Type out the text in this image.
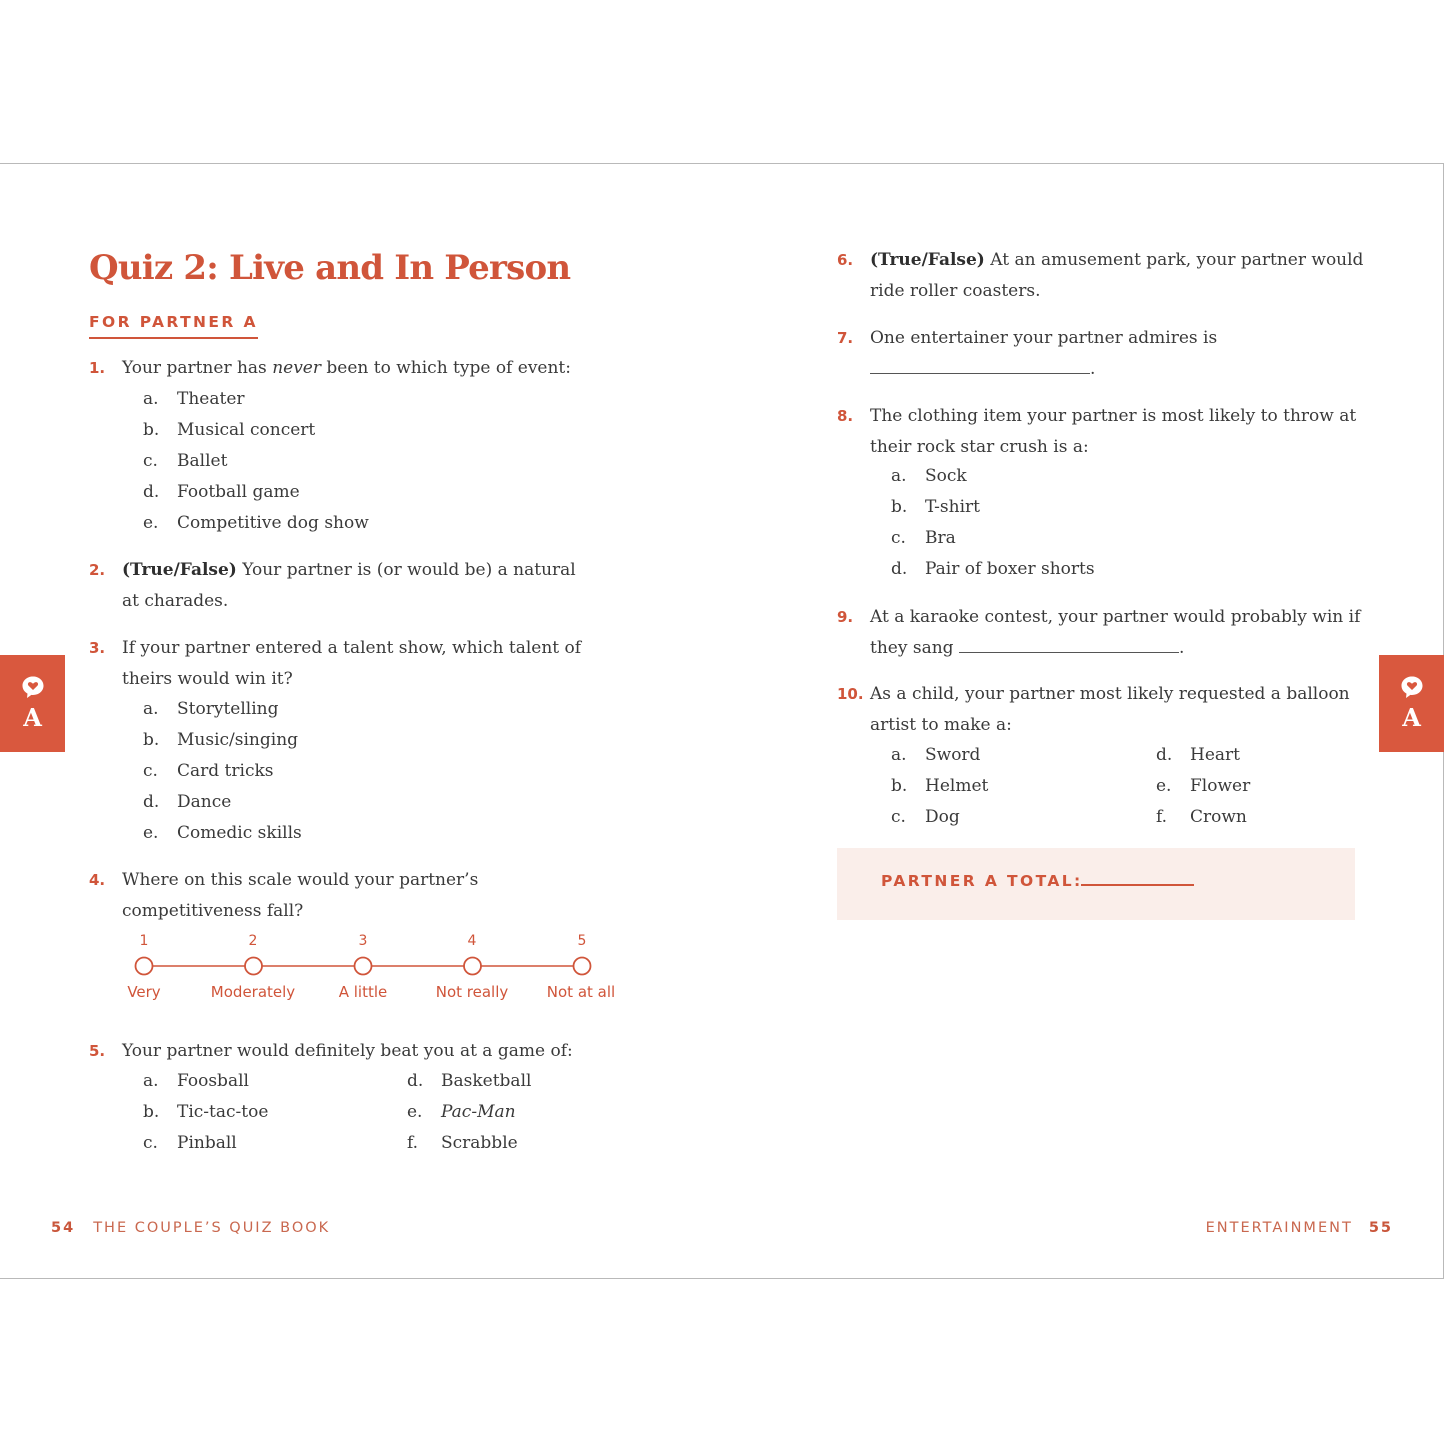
Quiz 2: Live and In Person
FOR PARTNER A
1. Your partner has never been to which type of event:
a. Theater
b. Musical concert
c. Ballet
d. Football game
e. Competitive dog show
2. (True/False) Your partner is (or would be) a natural
at charades.
3. If your partner entered a talent show, which talent of
theirs would win it?
a. Storytelling
b. Music/singing
c. Card tricks
d. Dance
e. Comedic skills
4. Where on this scale would your partner’s
competitiveness fall?
1	2	3	4	5
Very	Moderately	A little	Not really	Not at all
5. Your partner would definitely beat you at a game of:
a. Foosball
b. Tic-tac-toe
c. Pinball
d. Basketball
e. Pac-Man
f. Scrabble
A
54 THE COUPLE’S QUIZ BOOK
6. (True/False) At an amusement park, your partner would
ride roller coasters.
7. One entertainer your partner admires is
.
8. The clothing item your partner is most likely to throw at
their rock star crush is a:
a. Sock
b. T-shirt
c. Bra
d. Pair of boxer shorts
9. At a karaoke contest, your partner would probably win if
they sang	.
10. As a child, your partner most likely requested a balloon
artist to make a:
a. Sword
b. Helmet
c. Dog
d. Heart
e. Flower
f. Crown
PARTNER A TOTAL:
A
ENTERTAINMENT 55
